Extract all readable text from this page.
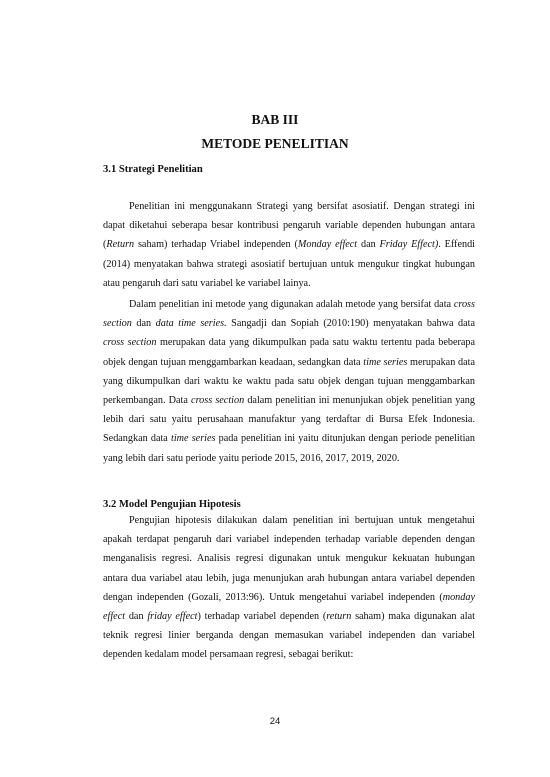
BAB III
METODE PENELITIAN
3.1 Strategi Penelitian

Penelitian ini menggunakann Strategi yang bersifat asosiatif. Dengan strategi ini dapat diketahui seberapa besar kontribusi pengaruh variable dependen hubungan antara (Return saham) terhadap Vriabel independen (Monday effect dan Friday Effect). Effendi (2014) menyatakan bahwa strategi asosiatif bertujuan untuk mengukur tingkat hubungan atau pengaruh dari satu variabel ke variabel lainya.

Dalam penelitian ini metode yang digunakan adalah metode yang bersifat data cross section dan data time series. Sangadji dan Sopiah (2010:190) menyatakan bahwa data cross section merupakan data yang dikumpulkan pada satu waktu tertentu pada beberapa objek dengan tujuan menggambarkan keadaan, sedangkan data time series merupakan data yang dikumpulkan dari waktu ke waktu pada satu objek dengan tujuan menggambarkan perkembangan. Data cross section dalam penelitian ini menunjukan objek penelitian yang lebih dari satu yaitu perusahaan manufaktur yang terdaftar di Bursa Efek Indonesia. Sedangkan data time series pada penelitian ini yaitu ditunjukan dengan periode penelitian yang lebih dari satu periode yaitu periode 2015, 2016, 2017, 2019, 2020.

3.2 Model Pengujian Hipotesis

Pengujian hipotesis dilakukan dalam penelitian ini bertujuan untuk mengetahui apakah terdapat pengaruh dari variabel independen terhadap variable dependen dengan menganalisis regresi. Analisis regresi digunakan untuk mengukur kekuatan hubungan antara dua variabel atau lebih, juga menunjukan arah hubungan antara variabel dependen dengan independen (Gozali, 2013:96). Untuk mengetahui variabel independen (monday effect dan friday effect) terhadap variabel dependen (return saham) maka digunakan alat teknik regresi linier berganda dengan memasukan variabel independen dan variabel dependen kedalam model persamaan regresi, sebagai berikut:

24
